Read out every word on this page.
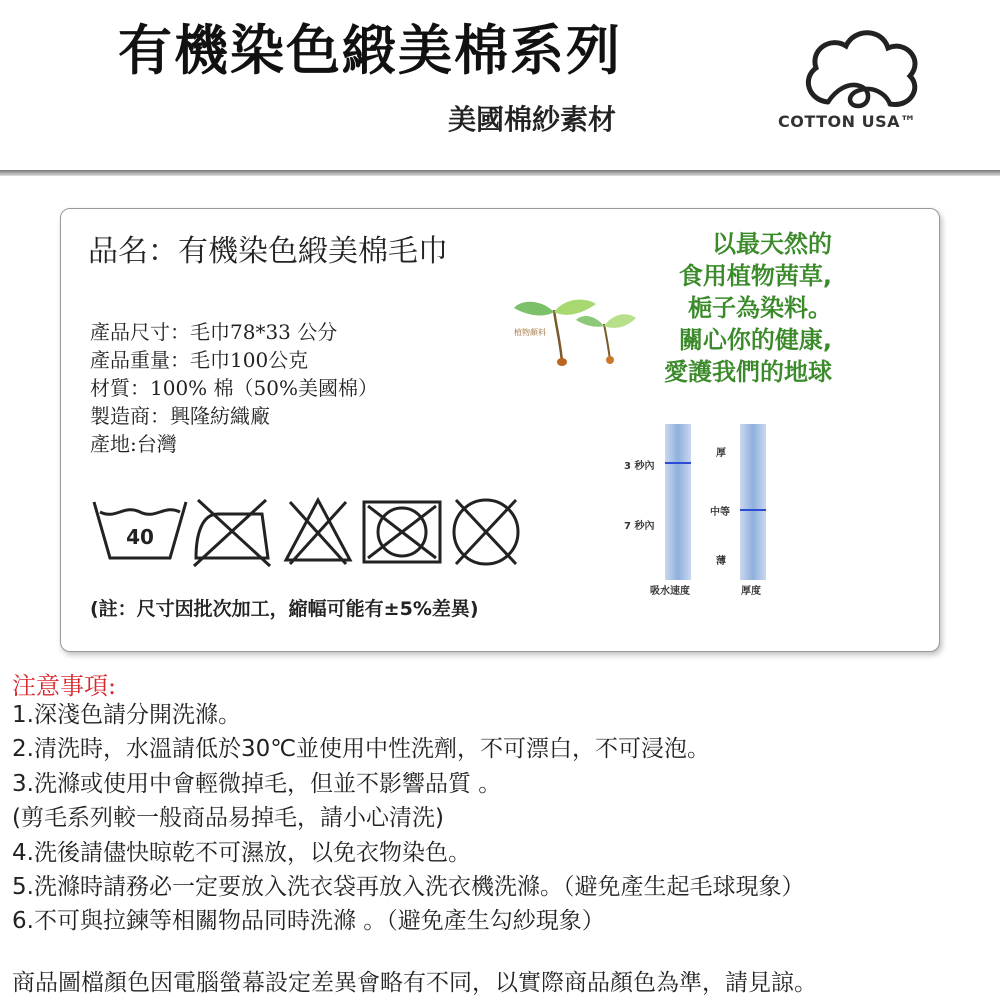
有機染色緞美棉系列
美國棉紗素材	COTTON USA™
品名：有機染色緞美棉毛巾
產品尺寸：毛巾78*33 公分
產品重量：毛巾100公克
材質：100% 棉（50%美國棉）
製造商：興隆紡織廠
產地:台灣
40
(註：尺寸因批次加工，縮幅可能有±5%差異)
植物顏料
以最天然的
食用植物茜草,
梔子為染料。
關心你的健康,
愛護我們的地球
3 秒內
7 秒內
吸水速度
厚
中等
薄
厚度
注意事項:
1.深淺色請分開洗滌。
2.清洗時，水溫請低於30℃並使用中性洗劑，不可漂白，不可浸泡。
3.洗滌或使用中會輕微掉毛，但並不影響品質 。
(剪毛系列較一般商品易掉毛，請小心清洗)
4.洗後請儘快晾乾不可濕放，以免衣物染色。
5.洗滌時請務必一定要放入洗衣袋再放入洗衣機洗滌。（避免產生起毛球現象）
6.不可與拉鍊等相關物品同時洗滌 。（避免產生勾紗現象）
商品圖檔顏色因電腦螢幕設定差異會略有不同，以實際商品顏色為準，請見諒。
